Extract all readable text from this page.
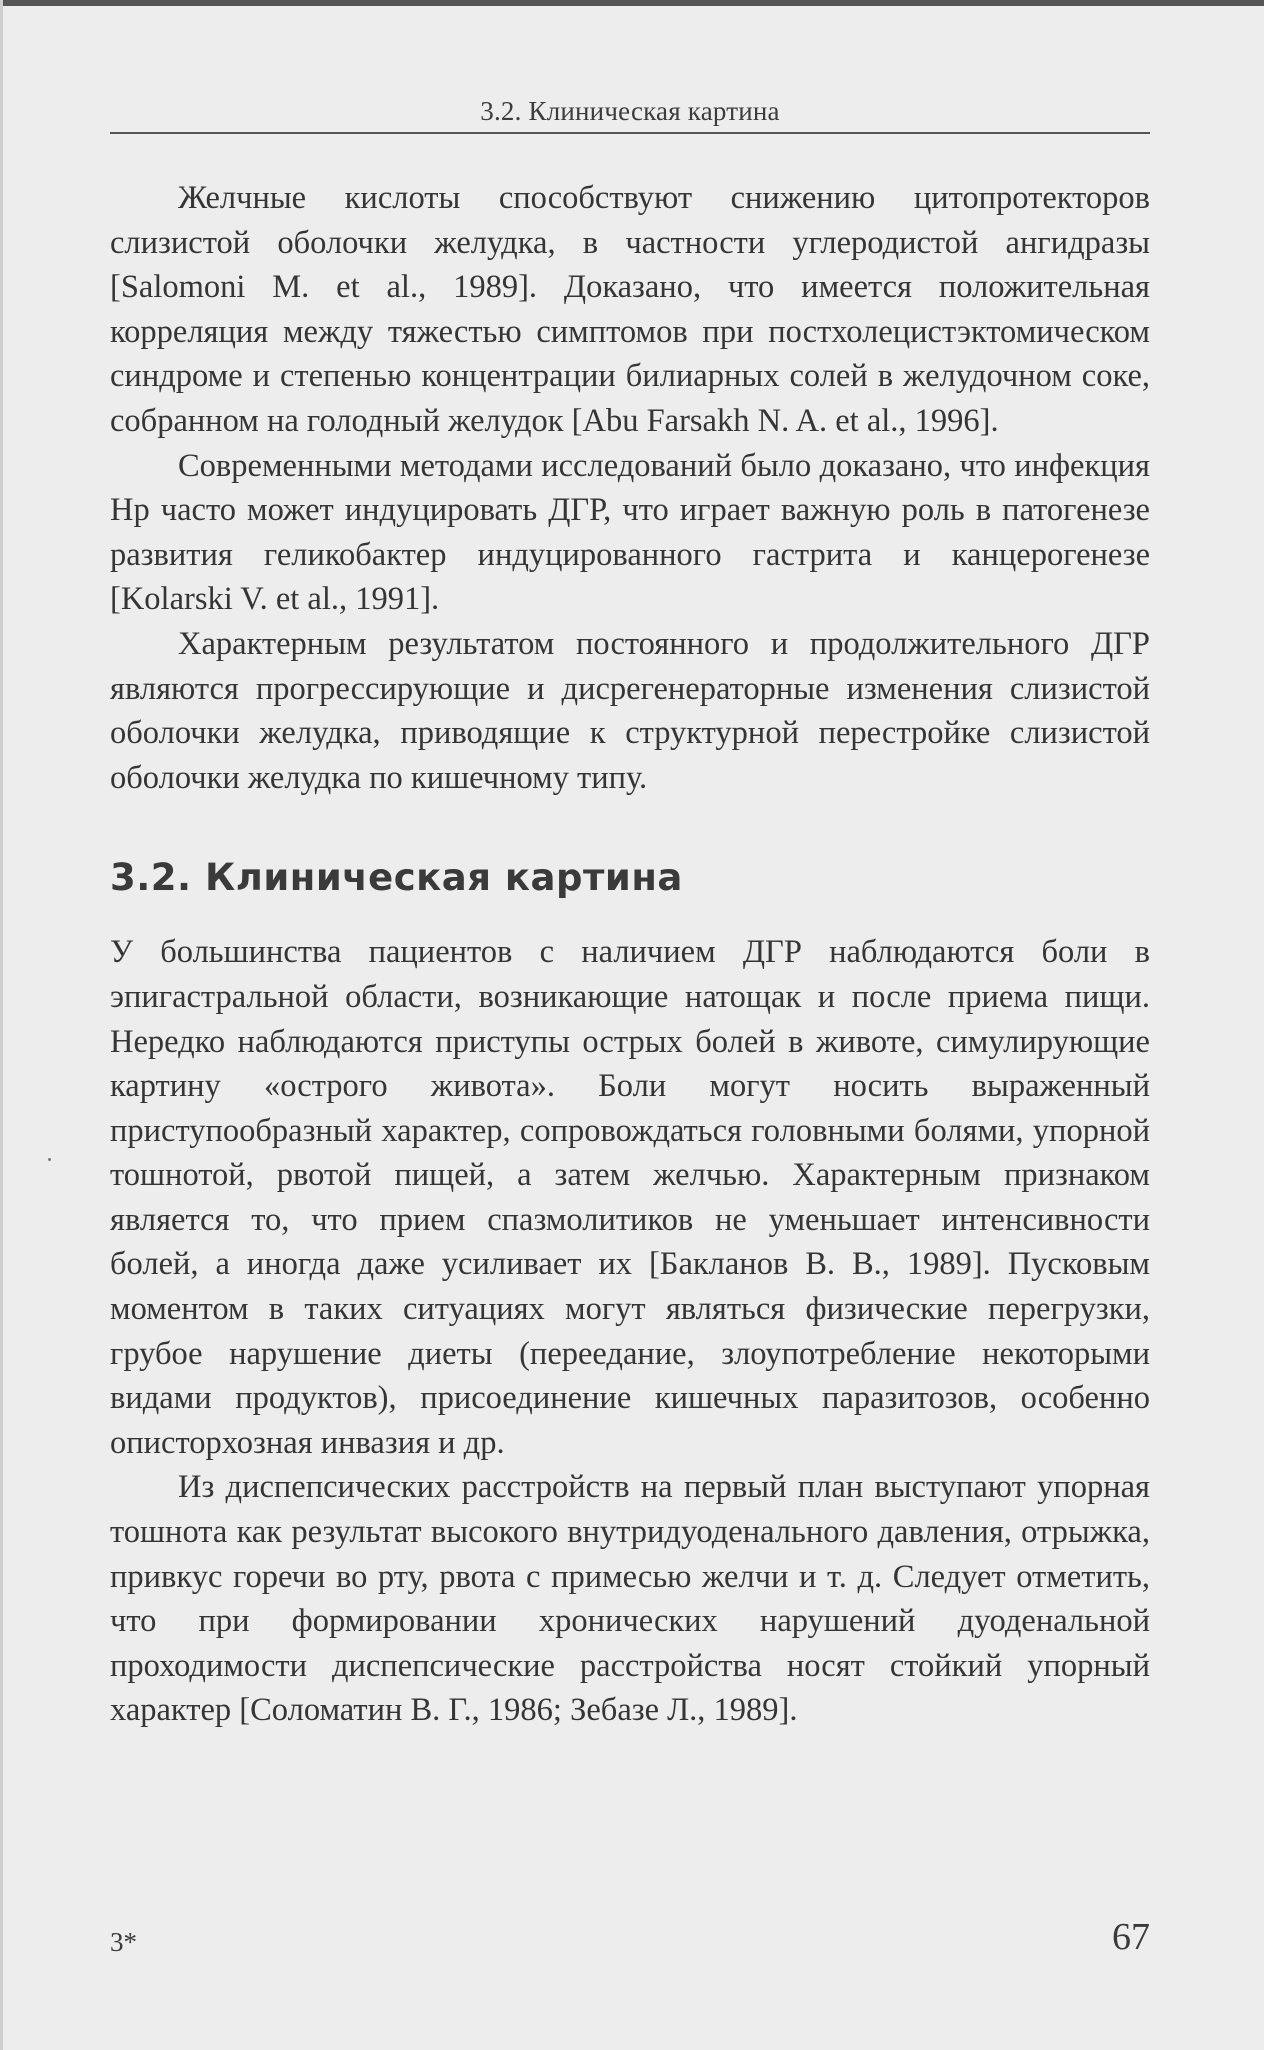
3.2. Клиническая картина

Желчные кислоты способствуют снижению цитопротекторов слизистой оболочки желудка, в частности углеродистой ангидразы [Salomoni M. et al., 1989]. Доказано, что имеется положительная корреляция между тяжестью симптомов при постхолецистэктомическом синдроме и степенью концентрации билиарных солей в желудочном соке, собранном на голодный желудок [Abu Farsakh N. A. et al., 1996].

Современными методами исследований было доказано, что инфекция Нр часто может индуцировать ДГР, что играет важную роль в патогенезе развития геликобактер индуцированного гастрита и канцерогенезе [Kolarski V. et al., 1991].

Характерным результатом постоянного и продолжительного ДГР являются прогрессирующие и дисрегенераторные изменения слизистой оболочки желудка, приводящие к структурной перестройке слизистой оболочки желудка по кишечному типу.

3.2. Клиническая картина

У большинства пациентов с наличием ДГР наблюдаются боли в эпигастральной области, возникающие натощак и после приема пищи. Нередко наблюдаются приступы острых болей в животе, симулирующие картину «острого живота». Боли могут носить выраженный приступообразный характер, сопровождаться головными болями, упорной тошнотой, рвотой пищей, а затем желчью. Характерным признаком является то, что прием спазмолитиков не уменьшает интенсивности болей, а иногда даже усиливает их [Бакланов В. В., 1989]. Пусковым моментом в таких ситуациях могут являться физические перегрузки, грубое нарушение диеты (переедание, злоупотребление некоторыми видами продуктов), присоединение кишечных паразитозов, особенно описторхозная инвазия и др.

Из диспепсических расстройств на первый план выступают упорная тошнота как результат высокого внутридуоденального давления, отрыжка, привкус горечи во рту, рвота с примесью желчи и т. д. Следует отметить, что при формировании хронических нарушений дуоденальной проходимости диспепсические расстройства носят стойкий упорный характер [Соломатин В. Г., 1986; Зебазе Л., 1989].

3*	67
